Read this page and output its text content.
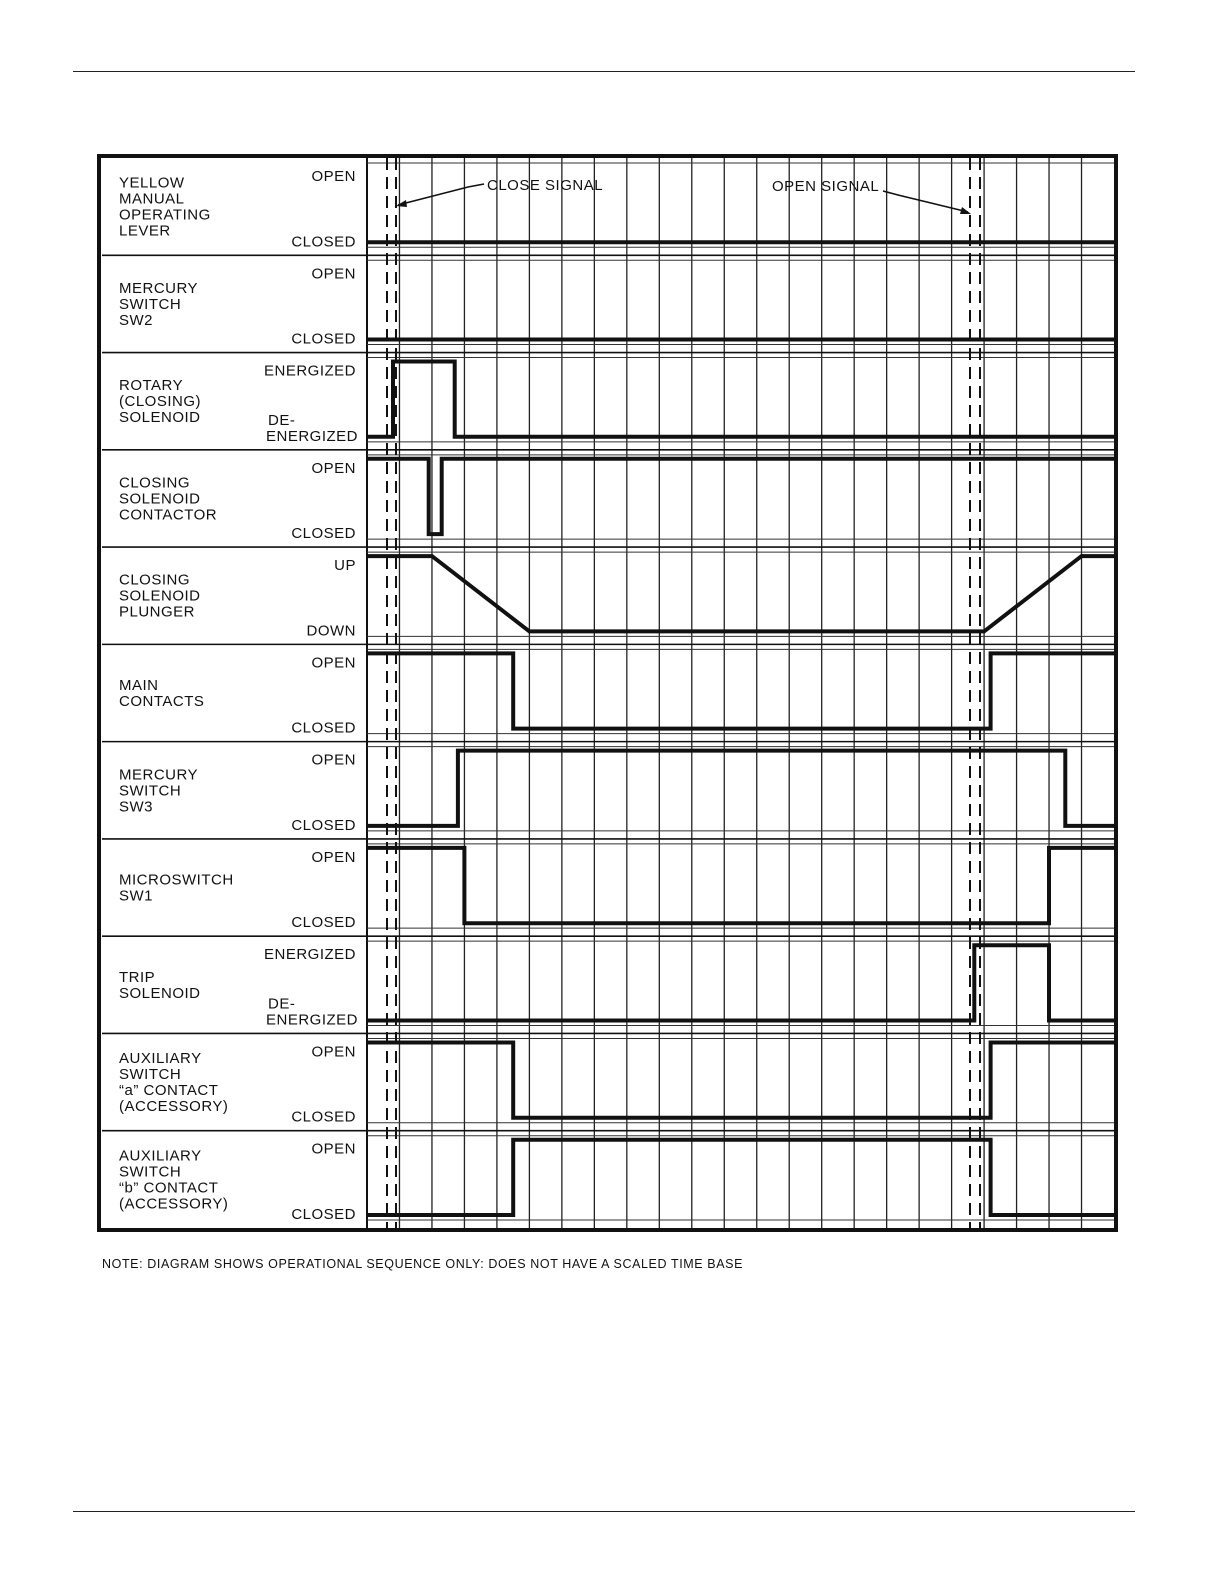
YELLOW MANUAL OPERATING LEVER
OPEN
CLOSED
MERCURY SWITCH SW2
OPEN
CLOSED
ROTARY (CLOSING) SOLENOID
ENERGIZED
DE-ENERGIZED
CLOSING SOLENOID CONTACTOR
OPEN
CLOSED
CLOSING SOLENOID PLUNGER
UP
DOWN
MAIN CONTACTS
OPEN
CLOSED
MERCURY SWITCH SW3
OPEN
CLOSED
MICROSWITCH SW1
OPEN
CLOSED
TRIP SOLENOID
ENERGIZED
DE-ENERGIZED
AUXILIARY SWITCH “a” CONTACT (ACCESSORY)
OPEN
CLOSED
AUXILIARY SWITCH “b” CONTACT (ACCESSORY)
OPEN
CLOSED
CLOSE SIGNAL	OPEN SIGNAL
NOTE: DIAGRAM SHOWS OPERATIONAL SEQUENCE ONLY: DOES NOT HAVE A SCALED TIME BASE
